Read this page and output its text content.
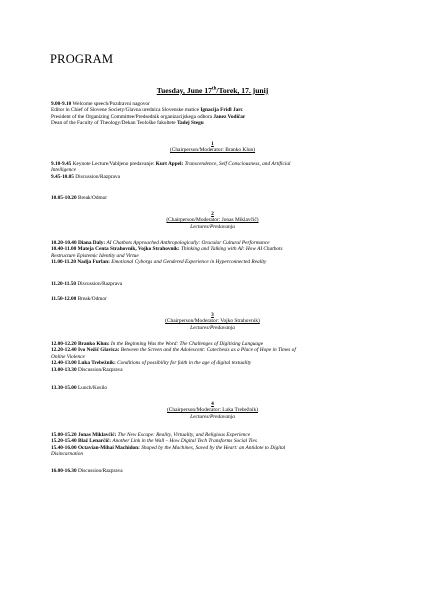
PROGRAM
Tuesday, June 17th/Torek, 17. junij

9.00-9.10 Welcome speech/Pozdravni nagovor

Editor in Chief of Slovene Society/Glavna urednica Slovenske matice Ignacija Fridl Jarc

President of the Organizing Committee/Predsednik organizacijskega odbora Janez Vodičar

Dean of the Faculty of Theology/Dekan Teološke fakultete Tadej Stegu

1
(Chairperson/Moderator: Branko Klun)

9.10-9.45 Keynote Lecture/Vabljeno predavanje: Kurt Appel: Transcendence, Self Consciousness, and Artificial

Intelligence

9.45-10.05 Discussion/Razprava

10.05-10.20 Break/Odmor

2
(Chairperson/Moderator: Jonas Miklavčič)
Lectures/Predavanja

10.20-10.40 Diana Daly: AI Chatbots Approached Anthropologically: Oracular Cultural Performance

10.40-11.00 Mateja Centa Strahovnik, Vojko Strahovnik: Thinking and Talking with AI: How AI Chatbots

Restructure Epistemic Identity and Virtue

11.00-11.20 Nadja Furlan: Emotional Cyborgs and Gendered Experience in Hyperconnected Reality

11.20-11.50 Discussion/Razprava

11.50-12.00 Break/Odmor

3
(Chairperson/Moderator: Vojko Strahovnik)
Lectures/Predavanja

12.00-12.20 Branko Klun: In the Beginning Was the Word: The Challenges of Digitising Language

12.20-12.40 Ivo Nežič Glavica: Between the Screen and the Adolescent: Catechesis as a Place of Hope in Times of

Online Violence

12.40-13.00 Luka Trebežnik: Conditions of possibility for faith in the age of digital textuality

13.00-13.30 Discussion/Razprava

13.30-15.00 Lunch/Kosilo

4
(Chairperson/Moderator: Luka Trebežnik)
Lectures/Predavanja

15.00-15.20 Jonas Miklavčič: The New Escape: Reality, Virtuality, and Religious Experience

15.20-15.40 Blaž Lenarčič: Another Link in the Wall – How Digital Tech Transforms Social Ties

15.40-16.00 Octavian-Mihai Machidon: Shaped by the Machines, Saved by the Heart: an Antidote to Digital

Disincarnation

16.00-16.30 Discussion/Razprava
